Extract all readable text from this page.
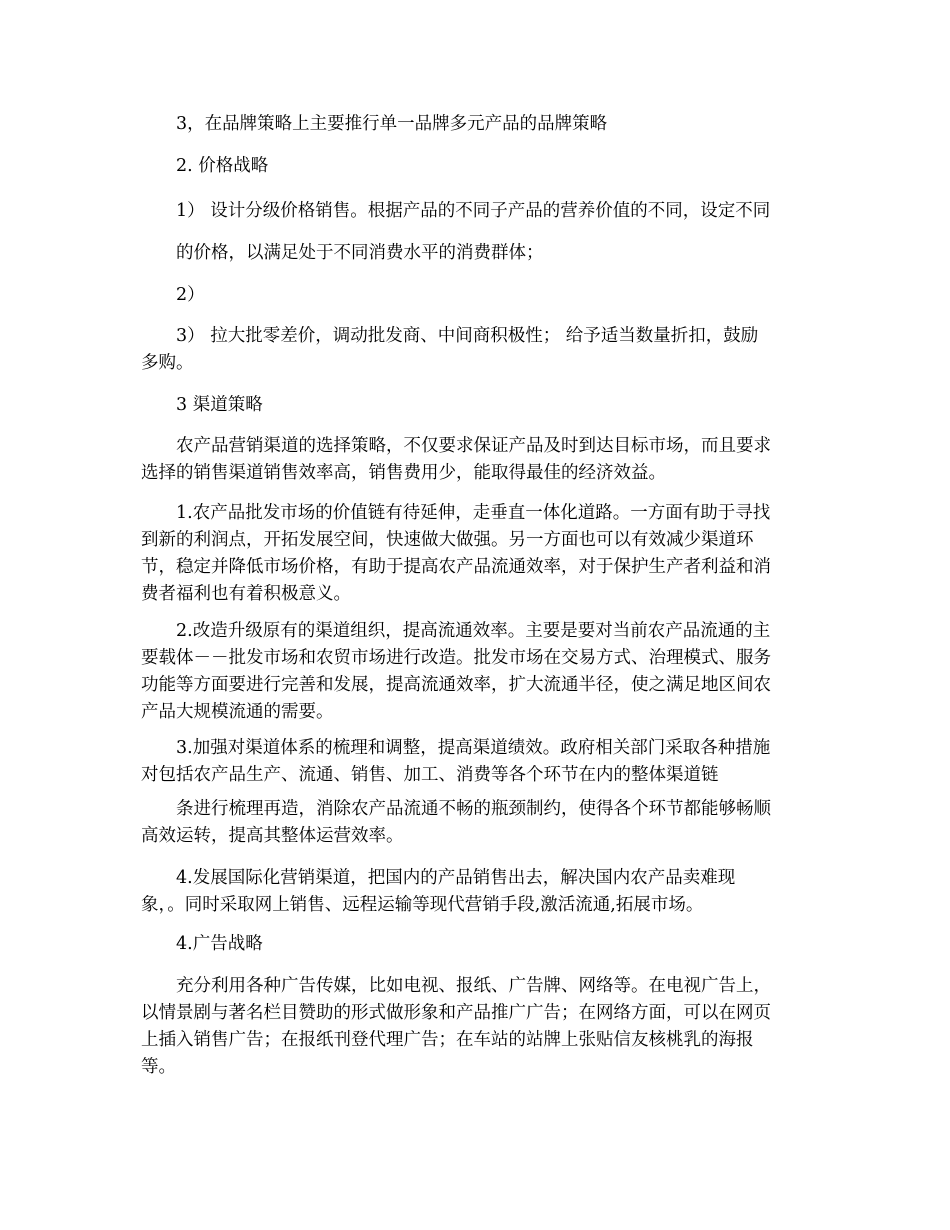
3，在品牌策略上主要推行单一品牌多元产品的品牌策略

2. 价格战略

1） 设计分级价格销售。根据产品的不同子产品的营养价值的不同，设定不同

的价格，以满足处于不同消费水平的消费群体；

2）

3） 拉大批零差价，调动批发商、中间商积极性； 给予适当数量折扣，鼓励
多购。

3 渠道策略

农产品营销渠道的选择策略，不仅要求保证产品及时到达目标市场，而且要求
选择的销售渠道销售效率高，销售费用少，能取得最佳的经济效益。

1.农产品批发市场的价值链有待延伸，走垂直一体化道路。一方面有助于寻找
到新的利润点，开拓发展空间，快速做大做强。另一方面也可以有效减少渠道环
节，稳定并降低市场价格，有助于提高农产品流通效率，对于保护生产者利益和消
费者福利也有着积极意义。

2.改造升级原有的渠道组织，提高流通效率。主要是要对当前农产品流通的主
要载体－－批发市场和农贸市场进行改造。批发市场在交易方式、治理模式、服务
功能等方面要进行完善和发展，提高流通效率，扩大流通半径，使之满足地区间农
产品大规模流通的需要。

3.加强对渠道体系的梳理和调整，提高渠道绩效。政府相关部门采取各种措施
对包括农产品生产、流通、销售、加工、消费等各个环节在内的整体渠道链

条进行梳理再造，消除农产品流通不畅的瓶颈制约，使得各个环节都能够畅顺
高效运转，提高其整体运营效率。

4.发展国际化营销渠道，把国内的产品销售出去，解决国内农产品卖难现
象，。同时采取网上销售、远程运输等现代营销手段,激活流通,拓展市场。

4.广告战略

充分利用各种广告传媒，比如电视、报纸、广告牌、网络等。在电视广告上，
以情景剧与著名栏目赞助的形式做形象和产品推广广告；在网络方面，可以在网页
上插入销售广告；在报纸刊登代理广告；在车站的站牌上张贴信友核桃乳的海报
等。
